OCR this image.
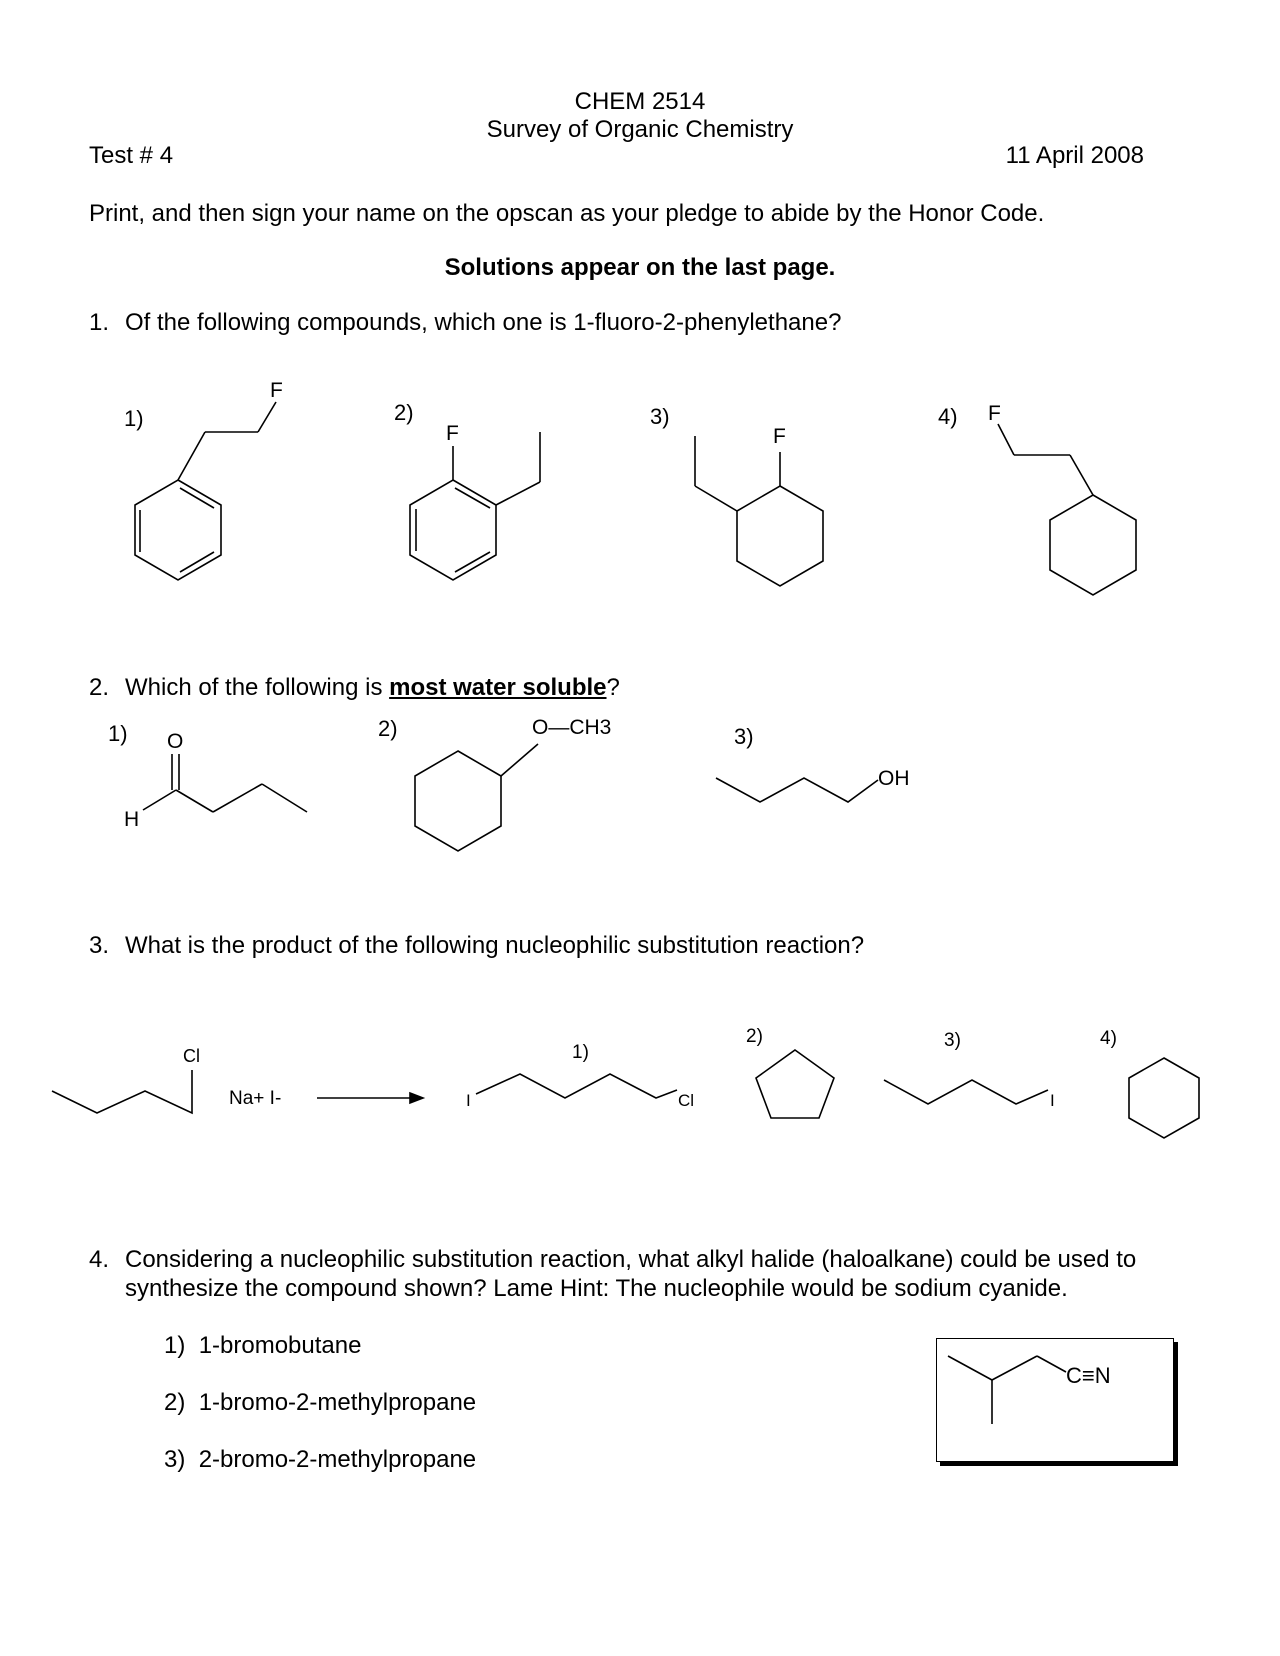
CHEM 2514
Survey of Organic Chemistry
Test # 4	11 April 2008
Print, and then sign your name on the opscan as your pledge to abide by the Honor Code.
Solutions appear on the last page.
1. Of the following compounds, which one is 1-fluoro-2-phenylethane?
1)	2)	3)	4)
F
F	F
F
2. Which of the following is most water soluble?
1)	2)	3)
O
H
O—CH3
OH
3. What is the product of the following nucleophilic substitution reaction?
Cl
Na+ I-
1)
2)	3)	4)
I	Cl	I
4. Considering a nucleophilic substitution reaction, what alkyl halide (haloalkane) could be used to
synthesize the compound shown? Lame Hint: The nucleophile would be sodium cyanide.
1) 1-bromobutane
2) 1-bromo-2-methylpropane
3) 2-bromo-2-methylpropane
C≡N
